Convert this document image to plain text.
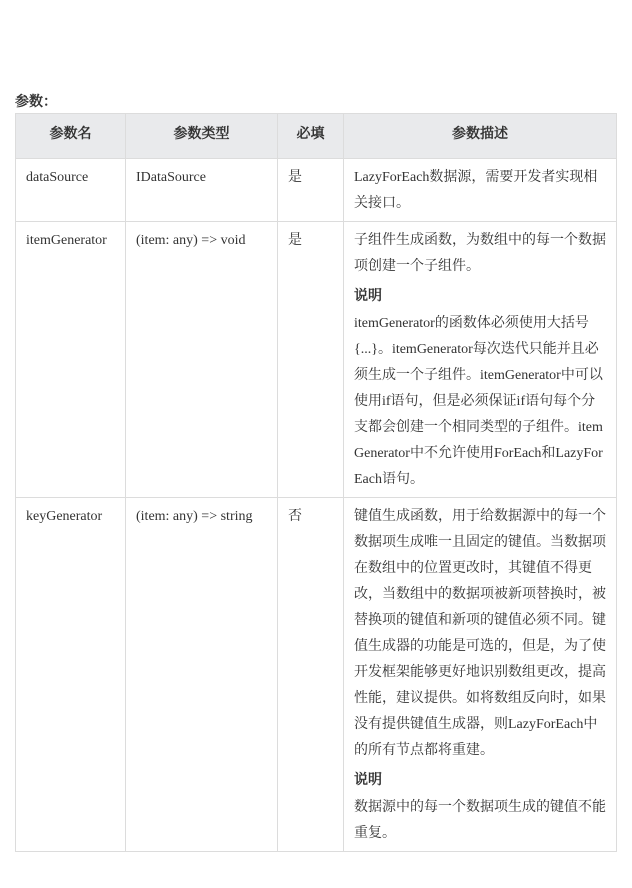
参数：
参数名	参数类型	必填	参数描述
dataSource	IDataSource	是	LazyForEach数据源，需要开发者实现相关接口。

itemGenerator	(item: any) => void	是	子组件生成函数，为数组中的每一个数据项创建一个子组件。
说明
itemGenerator的函数体必须使用大括号{...}。itemGenerator每次迭代只能并且必须生成一个子组件。itemGenerator中可以使用if语句，但是必须保证if语句每个分支都会创建一个相同类型的子组件。itemGenerator中不允许使用ForEach和LazyForEach语句。

keyGenerator	(item: any) => string	否	键值生成函数，用于给数据源中的每一个数据项生成唯一且固定的键值。当数据项在数组中的位置更改时，其键值不得更改，当数组中的数据项被新项替换时，被替换项的键值和新项的键值必须不同。键值生成器的功能是可选的，但是，为了使开发框架能够更好地识别数组更改，提高性能，建议提供。如将数组反向时，如果没有提供键值生成器，则LazyForEach中的所有节点都将重建。
说明
数据源中的每一个数据项生成的键值不能重复。
